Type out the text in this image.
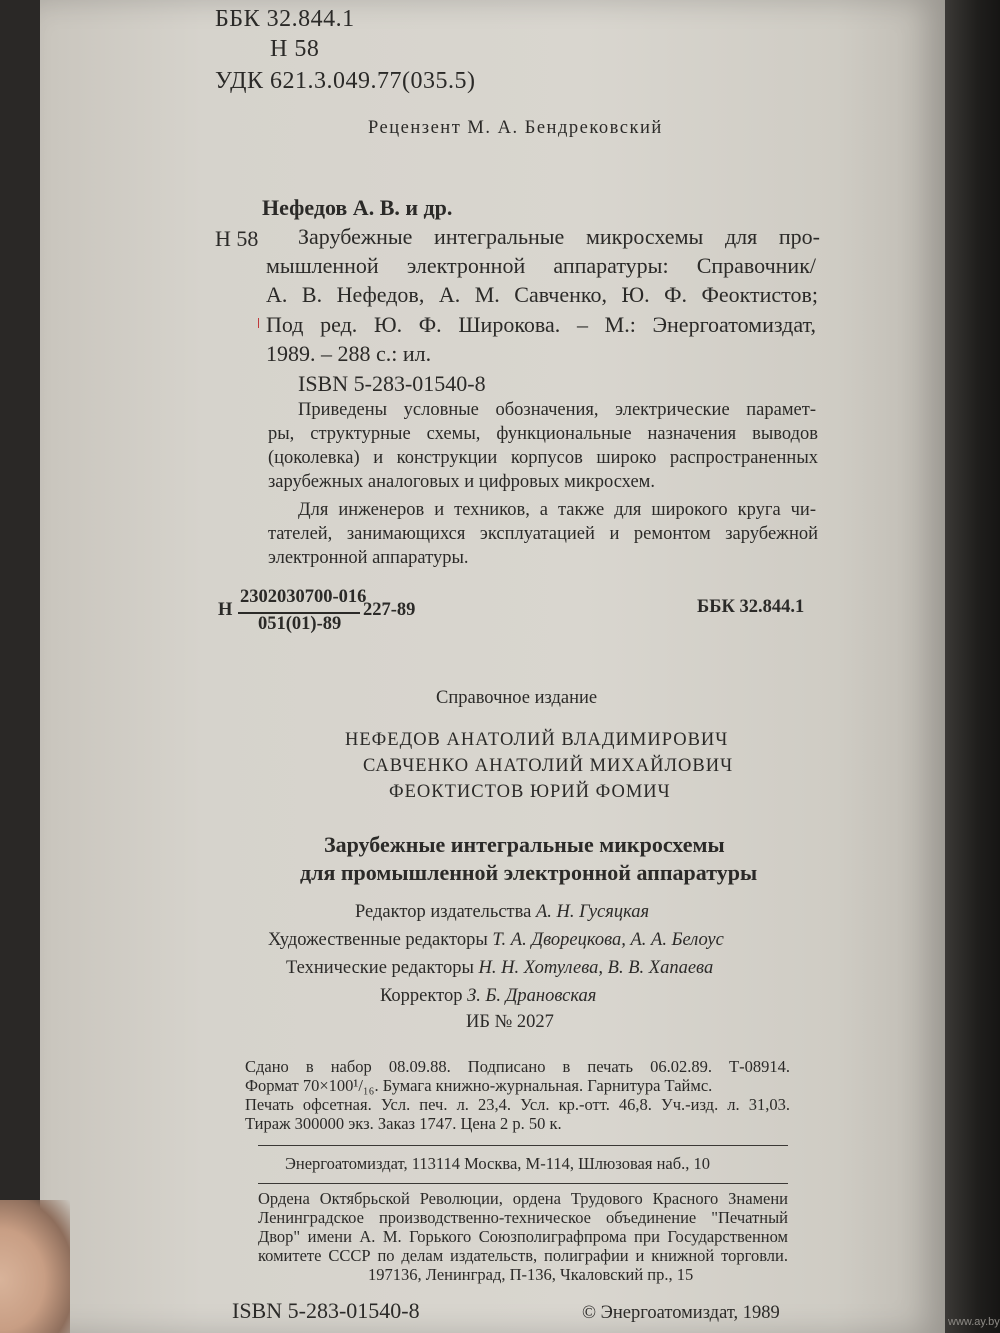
ББК 32.844.1
Н 58
УДК 621.3.049.77(035.5)
Рецензент М. А. Бендрековский
Нефедов А. В. и др.
Н 58 Зарубежные интегральные микросхемы для про-
мышленной электронной аппаратуры: Справочник/
А. В. Нефедов, А. М. Савченко, Ю. Ф. Феоктистов;
Под ред. Ю. Ф. Широкова. – М.: Энергоатомиздат,
1989. – 288 с.: ил.
ISBN 5-283-01540-8
Приведены условные обозначения, электрические парамет-
ры, структурные схемы, функциональные назначения выводов
(цоколевка) и конструкции корпусов широко распространенных
зарубежных аналоговых и цифровых микросхем.
Для инженеров и техников, а также для широкого круга чи-
тателей, занимающихся эксплуатацией и ремонтом зарубежной
электронной аппаратуры.
Н
2302030700-016
051(01)-89
227-89	ББК 32.844.1
Справочное издание
НЕФЕДОВ АНАТОЛИЙ ВЛАДИМИРОВИЧ
САВЧЕНКО АНАТОЛИЙ МИХАЙЛОВИЧ
ФЕОКТИСТОВ ЮРИЙ ФОМИЧ
Зарубежные интегральные микросхемы
для промышленной электронной аппаратуры
Редактор издательства А. Н. Гусяцкая
Художественные редакторы Т. А. Дворецкова, А. А. Белоус
Технические редакторы Н. Н. Хотулева, В. В. Хапаева
Корректор З. Б. Драновская
ИБ № 2027
Сдано в набор 08.09.88. Подписано в печать 06.02.89. Т-08914.
Формат 70×100¹/₁₆. Бумага книжно-журнальная. Гарнитура Таймс.
Печать офсетная. Усл. печ. л. 23,4. Усл. кр.-отт. 46,8. Уч.-изд. л. 31,03.
Тираж 300000 экз. Заказ 1747. Цена 2 р. 50 к.
Энергоатомиздат, 113114 Москва, М-114, Шлюзовая наб., 10
Ордена Октябрьской Революции, ордена Трудового Красного Знамени
Ленинградское производственно-техническое объединение "Печатный
Двор" имени А. М. Горького Союзполиграфпрома при Государственном
комитете СССР по делам издательств, полиграфии и книжной торговли.
197136, Ленинград, П-136, Чкаловский пр., 15
ISBN 5-283-01540-8	© Энергоатомиздат, 1989	www.ay.by
